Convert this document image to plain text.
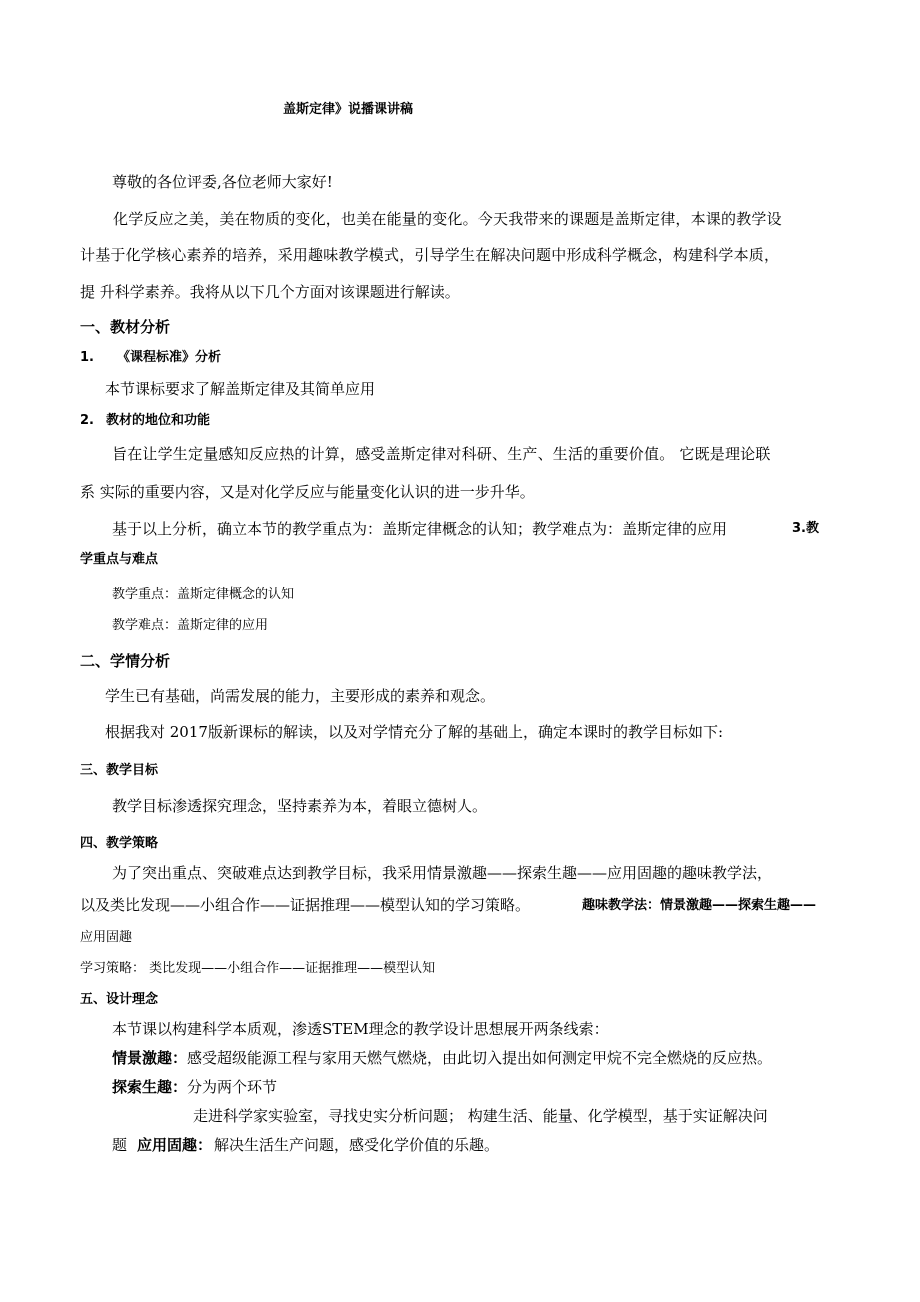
盖斯定律》说播课讲稿
尊敬的各位评委,各位老师大家好!
化学反应之美，美在物质的变化，也美在能量的变化。今天我带来的课题是盖斯定律，本课的教学设
计基于化学核心素养的培养，采用趣味教学模式，引导学生在解决问题中形成科学概念，构建科学本质，
提 升科学素养。我将从以下几个方面对该课题进行解读。
一、教材分析
1. 《课程标准》分析
本节课标要求了解盖斯定律及其简单应用
2. 教材的地位和功能
旨在让学生定量感知反应热的计算，感受盖斯定律对科研、生产、生活的重要价值。 它既是理论联
系 实际的重要内容，又是对化学反应与能量变化认识的进一步升华。
基于以上分析，确立本节的教学重点为：盖斯定律概念的认知；教学难点为：盖斯定律的应用	3.教
学重点与难点
教学重点：盖斯定律概念的认知
教学难点：盖斯定律的应用
二、学情分析
学生已有基础，尚需发展的能力，主要形成的素养和观念。
根据我对 2017版新课标的解读，以及对学情充分了解的基础上，确定本课时的教学目标如下:
三、教学目标
教学目标渗透探究理念，坚持素养为本，着眼立德树人。
四、教学策略
为了突出重点、突破难点达到教学目标，我采用情景激趣——探索生趣——应用固趣的趣味教学法，
以及类比发现——小组合作——证据推理——模型认知的学习策略。	趣味教学法：情景激趣——探索生趣——
应用固趣
学习策略： 类比发现——小组合作——证据推理——模型认知
五、设计理念
本节课以构建科学本质观，渗透STEM理念的教学设计思想展开两条线索：
情景激趣： 感受超级能源工程与家用天燃气燃烧，由此切入提出如何测定甲烷不完全燃烧的反应热。
探索生趣： 分为两个环节
走进科学家实验室，寻找史实分析问题； 构建生活、能量、化学模型，基于实证解决问
题 应用固趣： 解决生活生产问题，感受化学价值的乐趣。
